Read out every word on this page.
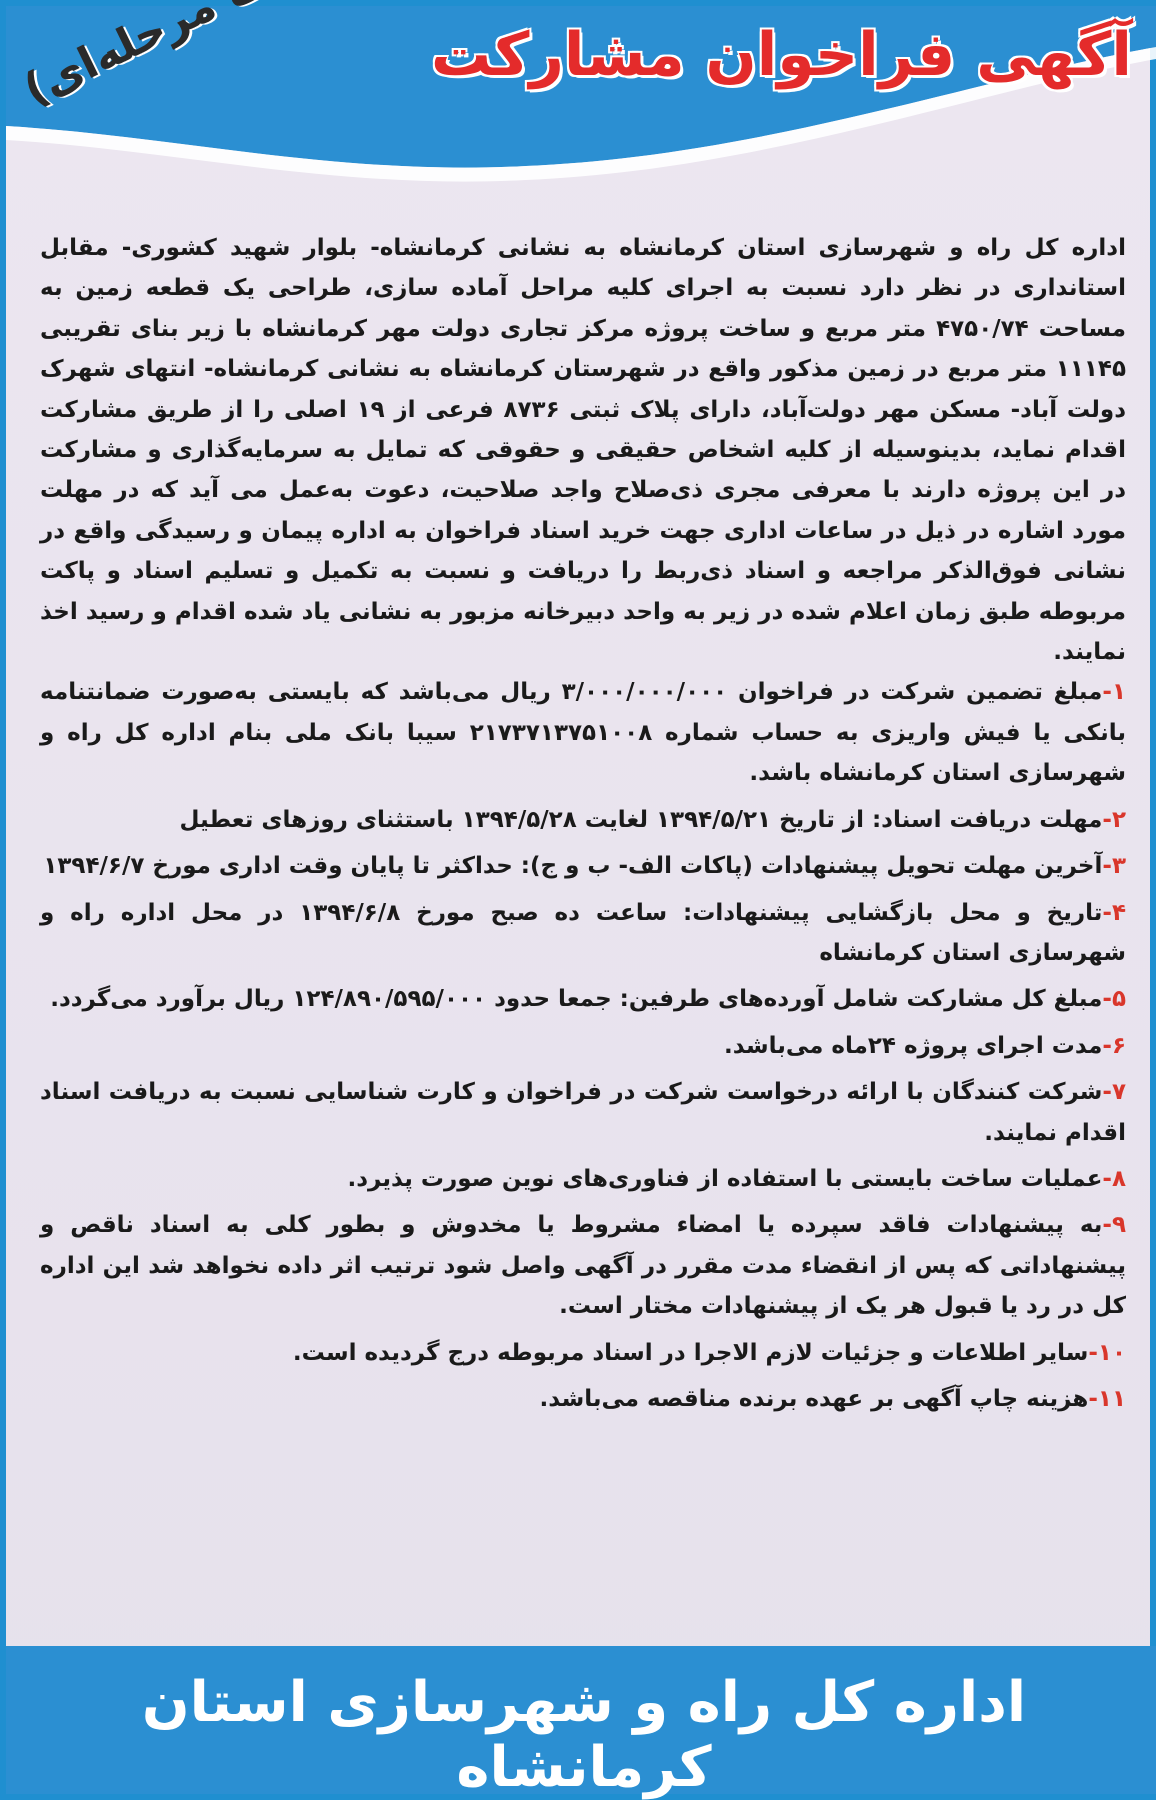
آگهی فراخوان مشارکت

اداره کل راه و شهرسازی استان کرمانشاه به نشانی کرمانشاه- بلوار شهید کشوری- مقابل استانداری در نظر دارد نسبت به اجرای کلیه مراحل آماده سازی، طراحی یک قطعه زمین به مساحت ۴۷۵۰/۷۴ متر مربع و ساخت پروژه مرکز تجاری دولت مهر کرمانشاه با زیر بنای تقریبی ۱۱۱۴۵ متر مربع در زمین مذکور واقع در شهرستان کرمانشاه به نشانی کرمانشاه- انتهای شهرک دولت آباد- مسکن مهر دولت‌آباد، دارای پلاک ثبتی ۸۷۳۶ فرعی از ۱۹ اصلی را از طریق مشارکت اقدام نماید، بدینوسیله از کلیه اشخاص حقیقی و حقوقی که تمایل به سرمایه‌گذاری و مشارکت در این پروژه دارند با معرفی مجری ذی‌صلاح واجد صلاحیت، دعوت به‌عمل می آید که در مهلت مورد اشاره در ذیل در ساعات اداری جهت خرید اسناد فراخوان به اداره پیمان و رسیدگی واقع در نشانی فوق‌الذکر مراجعه و اسناد ذی‌ربط را دریافت و نسبت به تکمیل و تسلیم اسناد و پاکت مربوطه طبق زمان اعلام شده در زیر به واحد دبیرخانه مزبور به نشانی یاد شده اقدام و رسید اخذ نمایند.

۱-مبلغ تضمین شرکت در فراخوان ۳/۰۰۰/۰۰۰/۰۰۰ ریال می‌باشد که بایستی به‌صورت ضمانتنامه بانکی یا فیش واریزی به حساب شماره ۲۱۷۳۷۱۳۷۵۱۰۰۸ سیبا بانک ملی بنام اداره کل راه و شهرسازی استان کرمانشاه باشد.
۲-مهلت دریافت اسناد: از تاریخ ۱۳۹۴/۵/۲۱ لغایت ۱۳۹۴/۵/۲۸ باستثنای روزهای تعطیل
۳-آخرین مهلت تحویل پیشنهادات (پاکات الف- ب و ج): حداکثر تا پایان وقت اداری مورخ ۱۳۹۴/۶/۷
۴-تاریخ و محل بازگشایی پیشنهادات: ساعت ده صبح مورخ ۱۳۹۴/۶/۸ در محل اداره راه و شهرسازی استان کرمانشاه
۵-مبلغ کل مشارکت شامل آورده‌های طرفین: جمعا حدود ۱۲۴/۸۹۰/۵۹۵/۰۰۰ ریال برآورد می‌گردد.
۶-مدت اجرای پروژه ۲۴ماه می‌باشد.
۷-شرکت کنندگان با ارائه درخواست شرکت در فراخوان و کارت شناسایی نسبت به دریافت اسناد اقدام نمایند.
۸-عملیات ساخت بایستی با استفاده از فناوری‌های نوین صورت پذیرد.
۹-به پیشنهادات فاقد سپرده یا امضاء مشروط یا مخدوش و بطور کلی به اسناد ناقص و پیشنهاداتی که پس از انقضاء مدت مقرر در آگهی واصل شود ترتیب اثر داده نخواهد شد این اداره کل در رد یا قبول هر یک از پیشنهادات مختار است.
۱۰-سایر اطلاعات و جزئیات لازم الاجرا در اسناد مربوطه درج گردیده است.
۱۱-هزینه چاپ آگهی بر عهده برنده مناقصه می‌باشد.
اداره کل راه و شهرسازی استان کرمانشاه
